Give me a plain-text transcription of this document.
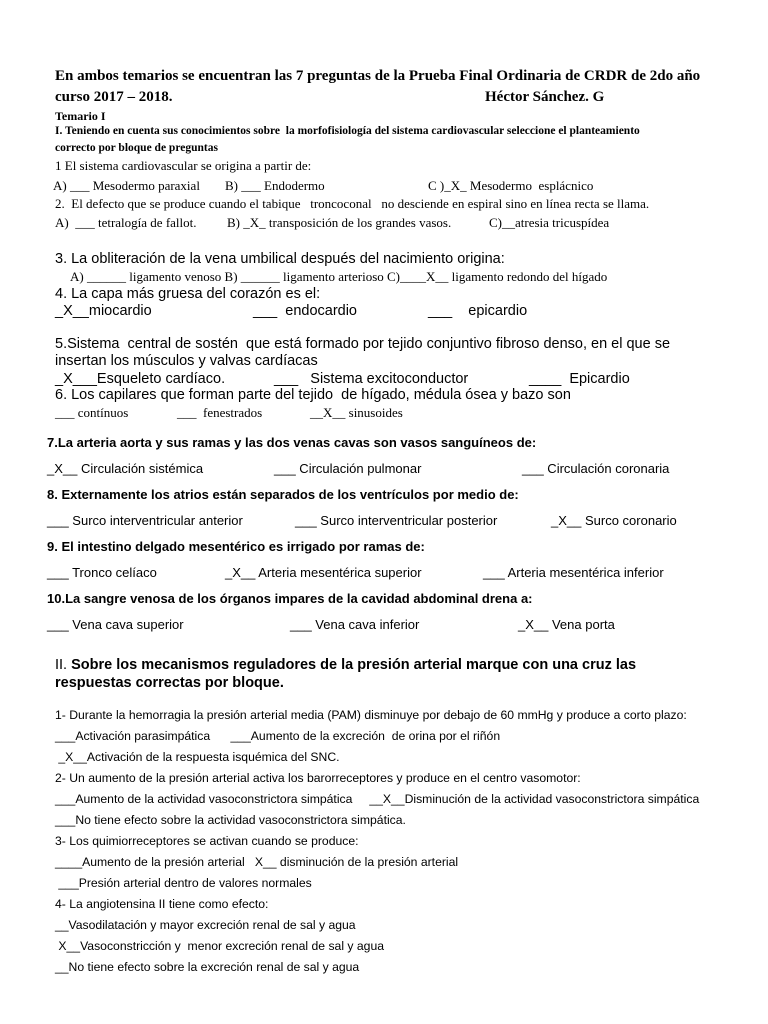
En ambos temarios se encuentran las 7 preguntas de la Prueba Final Ordinaria de CRDR de 2do año
curso 2017 – 2018.	Héctor Sánchez. G
Temario I
I. Teniendo en cuenta sus conocimientos sobre  la morfofisiología del sistema cardiovascular seleccione el planteamiento
correcto por bloque de preguntas
1 El sistema cardiovascular se origina a partir de:
A) ___ Mesodermo paraxial B) ___ Endodermo	C )_X_ Mesodermo  esplácnico
2.  El defecto que se produce cuando el tabique   troncoconal   no desciende en espiral sino en línea recta se llama.
A)  ___ tetralogía de fallot. B) _X_ transposición de los grandes vasos.	C)__atresia tricuspídea
3. La obliteración de la vena umbilical después del nacimiento origina:
A) ______ ligamento venoso B) ______ ligamento arterioso C)____X__ ligamento redondo del hígado
4. La capa más gruesa del corazón es el:
_X__miocardio	___  endocardio	___    epicardio
5.Sistema  central de sostén  que está formado por tejido conjuntivo fibroso denso, en el que se
insertan los músculos y valvas cardíacas
_X___Esqueleto cardíaco.	___   Sistema excitoconductor	____  Epicardio
6. Los capilares que forman parte del tejido  de hígado, médula ósea y bazo son
___ contínuos	___  fenestrados	__X__ sinusoides
7.La arteria aorta y sus ramas y las dos venas cavas son vasos sanguíneos de:
_X__ Circulación sistémica	___ Circulación pulmonar	___ Circulación coronaria
8. Externamente los atrios están separados de los ventrículos por medio de:
___ Surco interventricular anterior	___ Surco interventricular posterior	_X__ Surco coronario
9. El intestino delgado mesentérico es irrigado por ramas de:
___ Tronco celíaco	_X__ Arteria mesentérica superior	___ Arteria mesentérica inferior
10.La sangre venosa de los órganos impares de la cavidad abdominal drena a:
___ Vena cava superior	___ Vena cava inferior	_X__ Vena porta
II. Sobre los mecanismos reguladores de la presión arterial marque con una cruz las
respuestas correctas por bloque.
1- Durante la hemorragia la presión arterial media (PAM) disminuye por debajo de 60 mmHg y produce a corto plazo:
___Activación parasimpática      ___Aumento de la excreción  de orina por el riñón
_X__Activación de la respuesta isquémica del SNC.
2- Un aumento de la presión arterial activa los barorreceptores y produce en el centro vasomotor:
___Aumento de la actividad vasoconstrictora simpática     __X__Disminución de la actividad vasoconstrictora simpática
___No tiene efecto sobre la actividad vasoconstrictora simpática.
3- Los quimiorreceptores se activan cuando se produce:
____Aumento de la presión arterial   X__ disminución de la presión arterial
___Presión arterial dentro de valores normales
4- La angiotensina II tiene como efecto:
__Vasodilatación y mayor excreción renal de sal y agua
X__Vasoconstricción y  menor excreción renal de sal y agua
__No tiene efecto sobre la excreción renal de sal y agua
